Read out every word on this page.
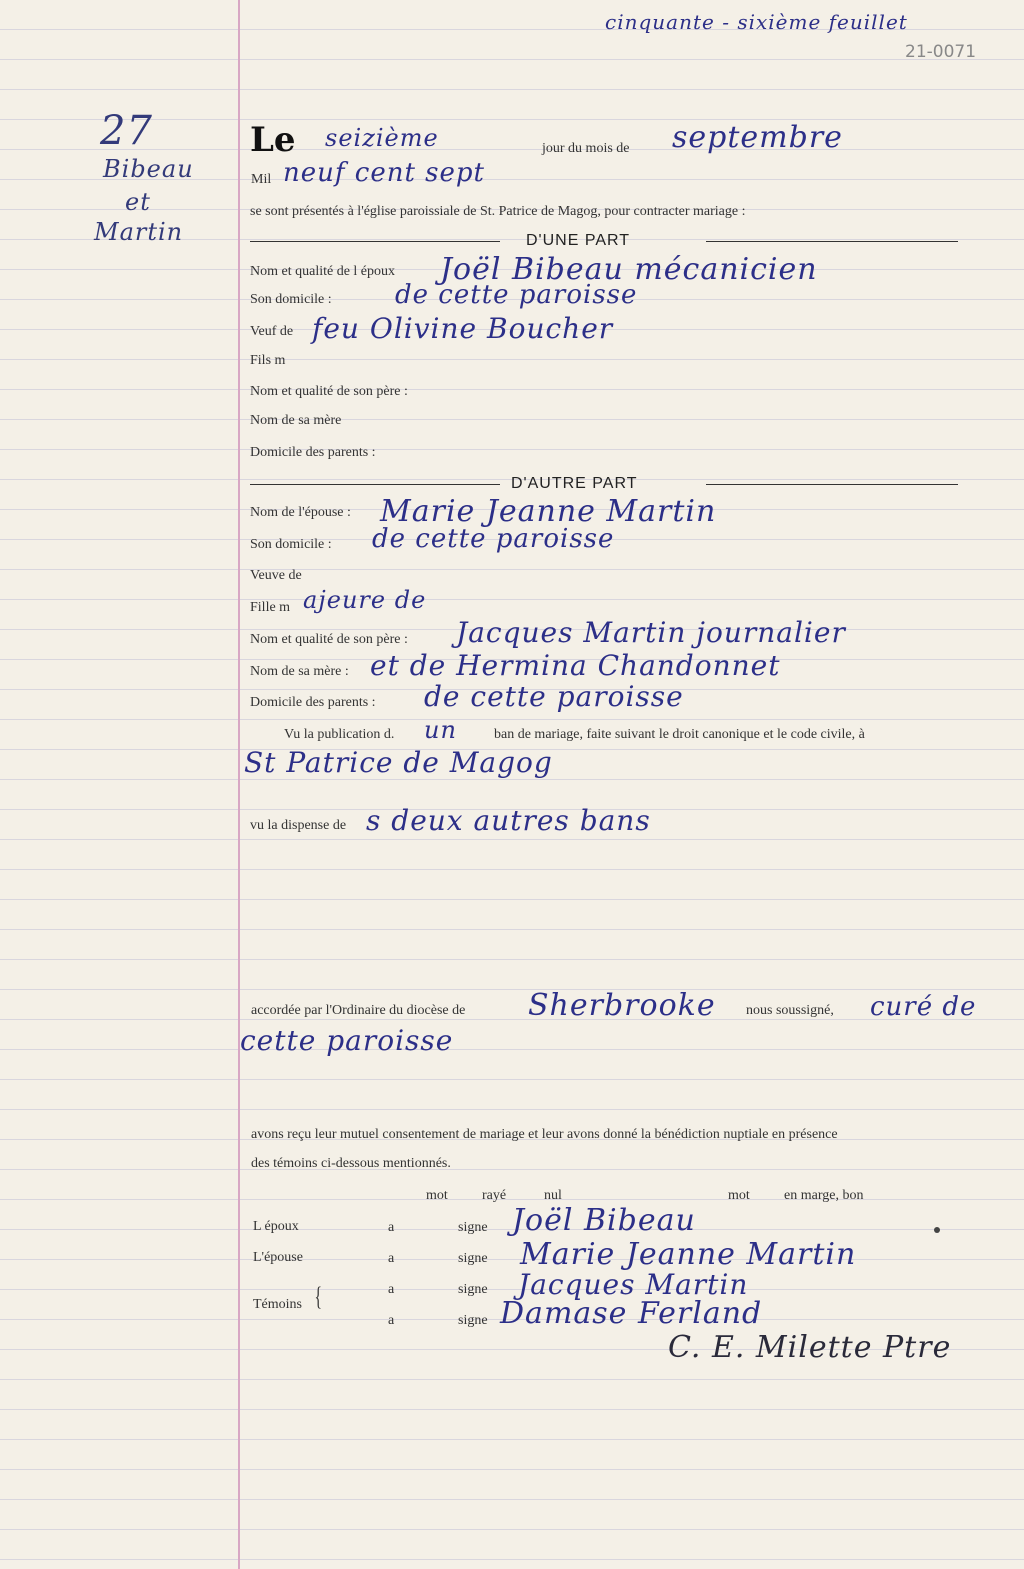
cinquante - sixième feuillet
21-0071
27
Bibeau
et
Martin
Le seizième	jour du mois de septembre
Mil neuf cent sept
se sont présentés à l'église paroissiale de St. Patrice de Magog, pour contracter mariage :
D'UNE PART
Nom et qualité de l époux Joël Bibeau mécanicien
Son domicile : de cette paroisse
Veuf de feu Olivine Boucher
Fils m
Nom et qualité de son père :
Nom de sa mère
Domicile des parents :
D'AUTRE PART
Nom de l'épouse : Marie Jeanne Martin
Son domicile : de cette paroisse
Veuve de
Fille m ajeure de
Nom et qualité de son père : Jacques Martin journalier
Nom de sa mère : et de Hermina Chandonnet
Domicile des parents : de cette paroisse
Vu la publication d. un	ban de mariage, faite suivant le droit canonique et le code civile, à
St Patrice de Magog
vu la dispense de s deux autres bans
accordée par l'Ordinaire du diocèse de Sherbrooke nous soussigné, curé de
cette paroisse
avons reçu leur mutuel consentement de mariage et leur avons donné la bénédiction nuptiale en présence
des témoins ci-dessous mentionnés.
mot rayé	nul	mot en marge, bon
L époux	a	signe Joël Bibeau
L'épouse	a	signe Marie Jeanne Martin
Témoins {	a	signe Jacques Martin
a	signe Damase Ferland
C. E. Milette Ptre
